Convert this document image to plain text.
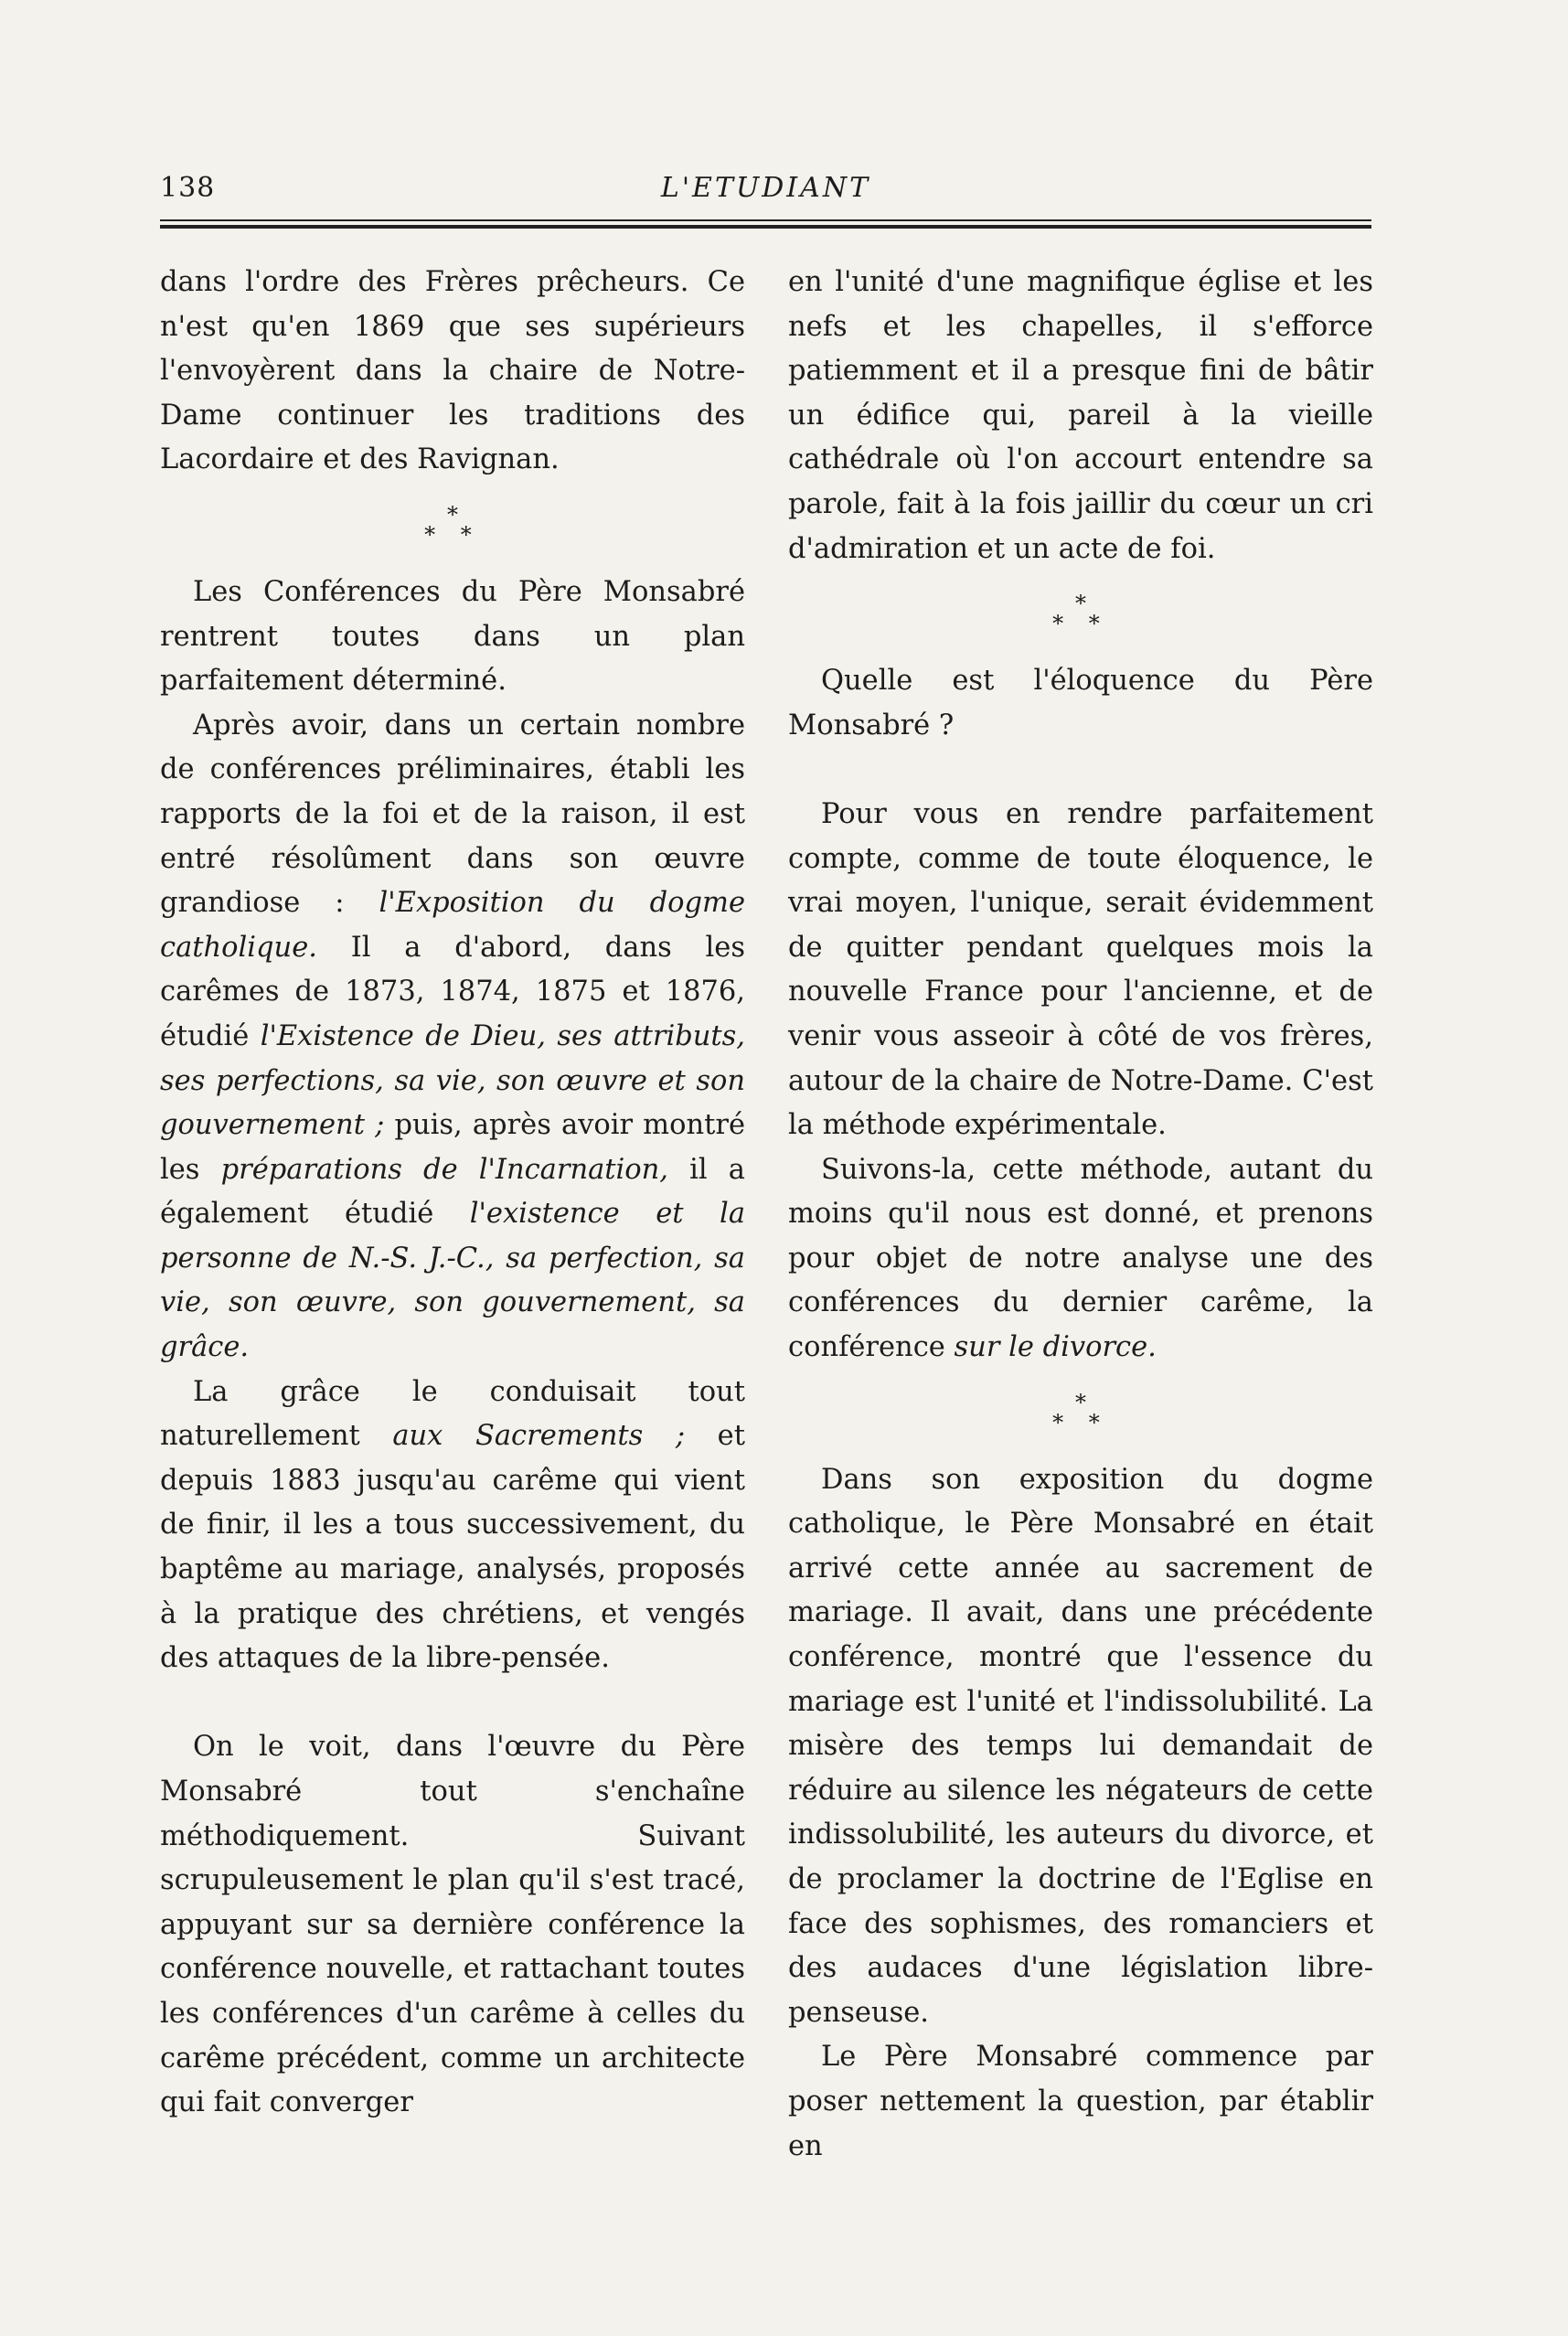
138	L'ETUDIANT

dans l'ordre des Frères prêcheurs. Ce n'est qu'en 1869 que ses supérieurs l'envoyèrent dans la chaire de Notre-Dame continuer les traditions des Lacordaire et des Ravignan.

*
* *

Les Conférences du Père Monsabré rentrent toutes dans un plan parfaitement déterminé.

Après avoir, dans un certain nombre de conférences préliminaires, établi les rapports de la foi et de la raison, il est entré résolûment dans son œuvre grandiose : l'Exposition du dogme catholique. Il a d'abord, dans les carêmes de 1873, 1874, 1875 et 1876, étudié l'Existence de Dieu, ses attributs, ses perfections, sa vie, son œuvre et son gouvernement ; puis, après avoir montré les préparations de l'Incarnation, il a également étudié l'existence et la personne de N.-S. J.-C., sa perfection, sa vie, son œuvre, son gouvernement, sa grâce.

La grâce le conduisait tout naturellement aux Sacrements ; et depuis 1883 jusqu'au carême qui vient de finir, il les a tous successivement, du baptême au mariage, analysés, proposés à la pratique des chrétiens, et vengés des attaques de la libre-pensée.

On le voit, dans l'œuvre du Père Monsabré tout s'enchaîne méthodiquement. Suivant scrupuleusement le plan qu'il s'est tracé, appuyant sur sa dernière conférence la conférence nouvelle, et rattachant toutes les conférences d'un carême à celles du carême précédent, comme un architecte qui fait converger

en l'unité d'une magnifique église et les nefs et les chapelles, il s'efforce patiemment et il a presque fini de bâtir un édifice qui, pareil à la vieille cathédrale où l'on accourt entendre sa parole, fait à la fois jaillir du cœur un cri d'admiration et un acte de foi.

*
* *

Quelle est l'éloquence du Père Monsabré ?

Pour vous en rendre parfaitement compte, comme de toute éloquence, le vrai moyen, l'unique, serait évidemment de quitter pendant quelques mois la nouvelle France pour l'ancienne, et de venir vous asseoir à côté de vos frères, autour de la chaire de Notre-Dame. C'est la méthode expérimentale.

Suivons-la, cette méthode, autant du moins qu'il nous est donné, et prenons pour objet de notre analyse une des conférences du dernier carême, la conférence sur le divorce.

*
* *

Dans son exposition du dogme catholique, le Père Monsabré en était arrivé cette année au sacrement de mariage. Il avait, dans une précédente conférence, montré que l'essence du mariage est l'unité et l'indissolubilité. La misère des temps lui demandait de réduire au silence les négateurs de cette indissolubilité, les auteurs du divorce, et de proclamer la doctrine de l'Eglise en face des sophismes, des romanciers et des audaces d'une législation libre-penseuse.

Le Père Monsabré commence par poser nettement la question, par établir en
